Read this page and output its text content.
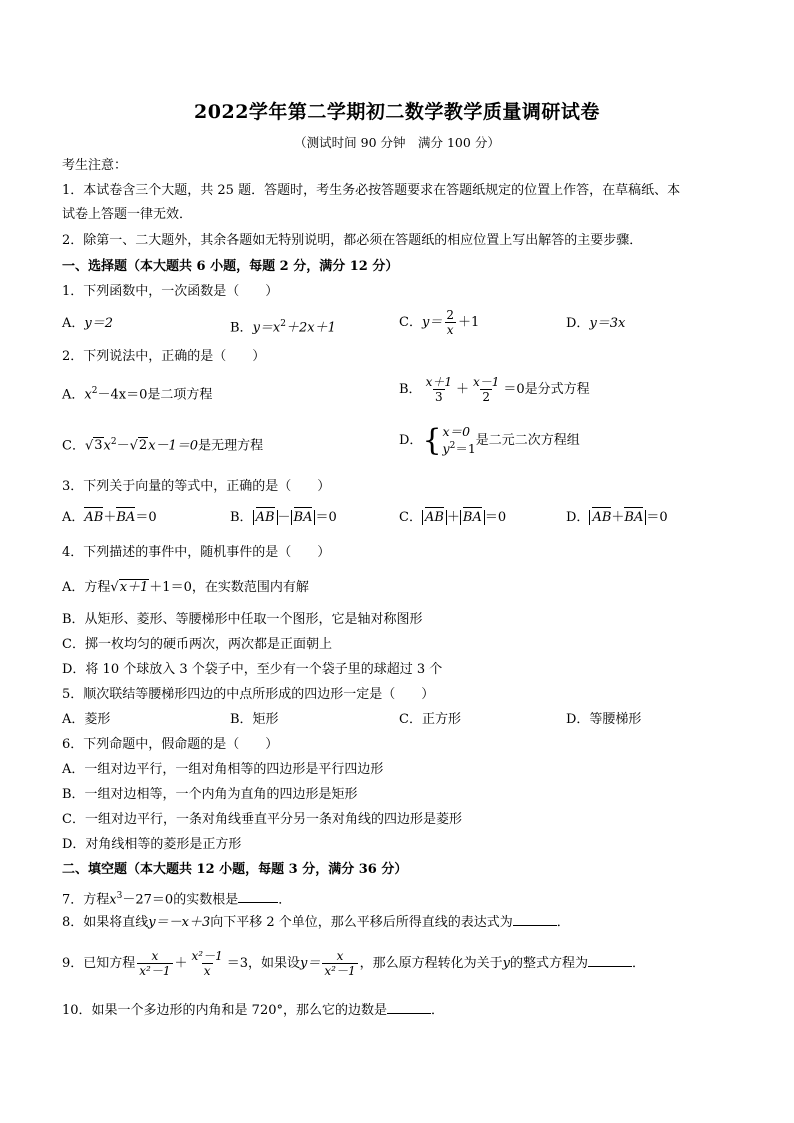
2022学年第二学期初二数学教学质量调研试卷
（测试时间 90 分钟　满分 100 分）
考生注意：
1．本试卷含三个大题，共 25 题．答题时，考生务必按答题要求在答题纸规定的位置上作答，在草稿纸、本
试卷上答题一律无效．
2．除第一、二大题外，其余各题如无特别说明，都必须在答题纸的相应位置上写出解答的主要步骤．
一、选择题（本大题共 6 小题，每题 2 分，满分 12 分）
1．下列函数中，一次函数是（　　）
A．y＝2	B．$y=x^2+2x+1$	C．$y= \frac{2}{x} +1$	D．y＝3x
2．下列说法中，正确的是（　　）
A．$x^2-4x=0$是二项方程	B． $\frac{x+1}{3} + \frac{x-1}{2} =0$是分式方程
C．$√3x^2-√2x-1=0$是无理方程	D． { x＝0
$y^2=1$
是二元二次方程组
3．下列关于向量的等式中，正确的是（　　）
A．AB＋BA＝0	B． AB － BA ＝0	C． AB ＋ BA ＝0	D． AB＋BA ＝0
4．下列描述的事件中，随机事件的是（　　）
A．方程√x＋1＋1＝0，在实数范围内有解
B．从矩形、菱形、等腰梯形中任取一个图形，它是轴对称图形
C．掷一枚均匀的硬币两次，两次都是正面朝上
D．将 10 个球放入 3 个袋子中，至少有一个袋子里的球超过 3 个
5．顺次联结等腰梯形四边的中点所形成的四边形一定是（　　）
A．菱形	B．矩形	C．正方形	D．等腰梯形
6．下列命题中，假命题的是（　　）
A．一组对边平行，一组对角相等的四边形是平行四边形
B．一组对边相等，一个内角为直角的四边形是矩形
C．一组对边平行，一条对角线垂直平分另一条对角线的四边形是菱形
D．对角线相等的菱形是正方形
二、填空题（本大题共 12 小题，每题 3 分，满分 36 分）
7．方程$x^3-27=0$的实数根是	．
8．如果将直线y＝－x＋3向下平移 2 个单位，那么平移后所得直线的表达式为	．
9．已知方程 $\frac{x}{\text{x²－1}} + \frac{\text{x²－1}}{x} =3$，如果设$y= \frac{x}{\text{x²－1}}$ ，那么原方程转化为关于y的整式方程为	．
10．如果一个多边形的内角和是 720°，那么它的边数是	．
